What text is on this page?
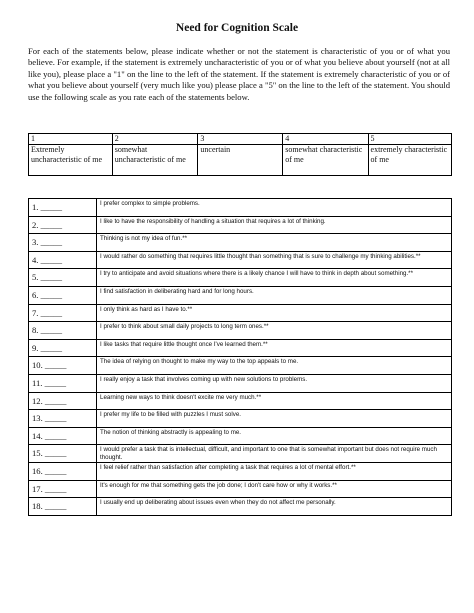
Need for Cognition Scale

For each of the statements below, please indicate whether or not the statement is characteristic of you or of what you believe. For example, if the statement is extremely uncharacteristic of you or of what you believe about yourself (not at all like you), please place a "1" on the line to the left of the statement. If the statement is extremely characteristic of you or of what you believe about yourself (very much like you) please place a "5" on the line to the left of the statement. You should use the following scale as you rate each of the statements below.

1	2	3	4	5
Extremely uncharacteristic of me	somewhat uncharacteristic of me	uncertain	somewhat characteristic of me	extremely characteristic of me
1. _____	I prefer complex to simple problems.
2. _____	I like to have the responsibility of handling a situation that requires a lot of thinking.
3. _____	Thinking is not my idea of fun.**
4. _____	I would rather do something that requires little thought than something that is sure to challenge my thinking abilities.**
5. _____	I try to anticipate and avoid situations where there is a likely chance I will have to think in depth about something.**
6. _____	I find satisfaction in deliberating hard and for long hours.
7. _____	I only think as hard as I have to.**
8. _____	I prefer to think about small daily projects to long term ones.**
9. _____	I like tasks that require little thought once I've learned them.**
10. _____	The idea of relying on thought to make my way to the top appeals to me.
11. _____	I really enjoy a task that involves coming up with new solutions to problems.
12. _____	Learning new ways to think doesn't excite me very much.**
13. _____	I prefer my life to be filled with puzzles I must solve.
14. _____	The notion of thinking abstractly is appealing to me.
15. _____	I would prefer a task that is intellectual, difficult, and important to one that is somewhat important but does not require much thought.
16. _____	I feel relief rather than satisfaction after completing a task that requires a lot of mental effort.**
17. _____	It's enough for me that something gets the job done; I don't care how or why it works.**
18. _____	I usually end up deliberating about issues even when they do not affect me personally.
